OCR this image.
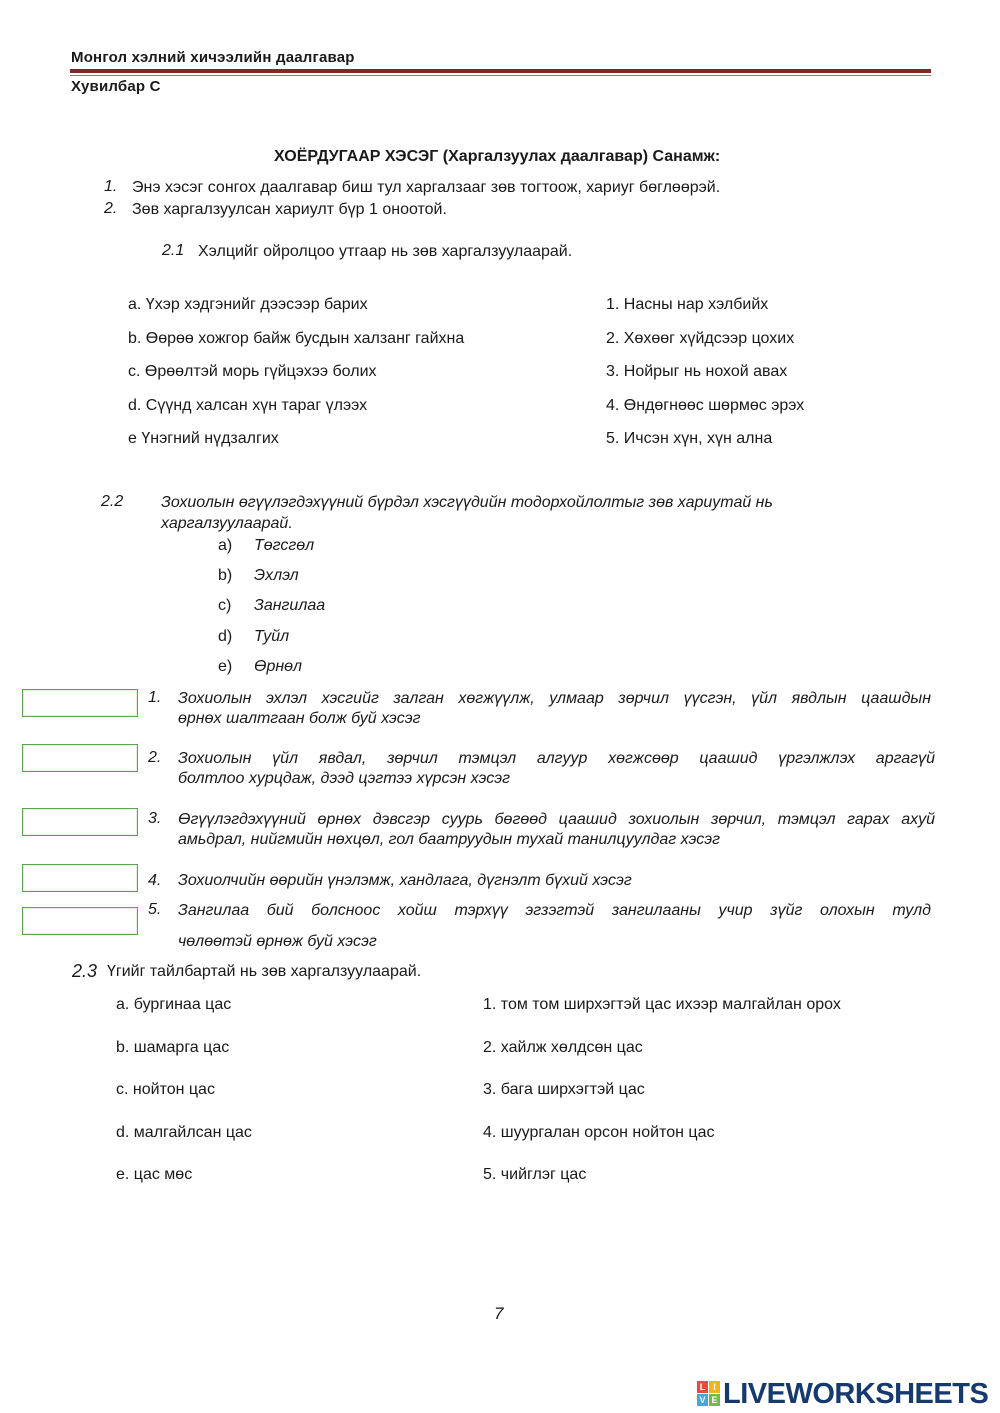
Монгол хэлний хичээлийн даалгавар
Хувилбар С
ХОЁРДУГААР ХЭСЭГ (Харгалзуулах даалгавар) Санамж:
1. Энэ хэсэг сонгох даалгавар биш тул харгалзааг зөв тогтоож, хариуг бөглөөрэй.
2. Зөв харгалзуулсан хариулт бүр 1 оноотой.
2.1 Хэлцийг ойролцоо утгаар нь зөв харгалзуулаарай.
a. Үхэр хэдгэнийг дээсээр барих
b. Өөрөө хожгор байж бусдын халзанг гайхна
c. Өрөөлтэй морь гүйцэхээ болих
d. Сүүнд халсан хүн тараг үлээх
e Үнэгний нүдзалгих
1. Насны нар хэлбийх
2. Хөхөөг хүйдсээр цохих
3. Нойрыг нь нохой авах
4. Өндөгнөөс шөрмөс эрэх
5. Ичсэн хүн, хүн ална
2.2 Зохиолын өгүүлэгдэхүүний бүрдэл хэсгүүдийн тодорхойлолтыг зөв хариутай нь
харгалзуулаарай.
a) Төгсгөл
b) Эхлэл
c) Зангилаа
d) Туйл
e) Өрнөл
1. Зохиолын эхлэл хэсгийг залган хөгжүүлж, улмаар зөрчил үүсгэн, үйл явдлын цаашдын
өрнөх шалтгаан болж буй хэсэг
2. Зохиолын үйл явдал, зөрчил тэмцэл алгуур хөгжсөөр цаашид үргэлжлэх аргагүй
болтлоо хурцдаж, дээд цэгтээ хүрсэн хэсэг
3. Өгүүлэгдэхүүний өрнөх дэвсгэр суурь бөгөөд цаашид зохиолын зөрчил, тэмцэл гарах ахуй
амьдрал, нийгмийн нөхцөл, гол баатруудын тухай танилцуулдаг хэсэг
4. Зохиолчийн өөрийн үнэлэмж, хандлага, дүгнэлт бүхий хэсэг
5. Зангилаа бий болсноос хойш тэрхүү эгзэгтэй зангилааны учир зүйг олохын тулд
чөлөөтэй өрнөж буй хэсэг
2.3 Үгийг тайлбартай нь зөв харгалзуулаарай.
a. бургинаа цас
b. шамарга цас
c. нойтон цас
d. малгайлсан цас
e. цас мөс
1. том том ширхэгтэй цас ихээр малгайлан орох
2. хайлж хөлдсөн цас
3. бага ширхэгтэй цас
4. шуургалан орсон нойтон цас
5. чийглэг цас
7
L I
V E LIVEWORKSHEETS
